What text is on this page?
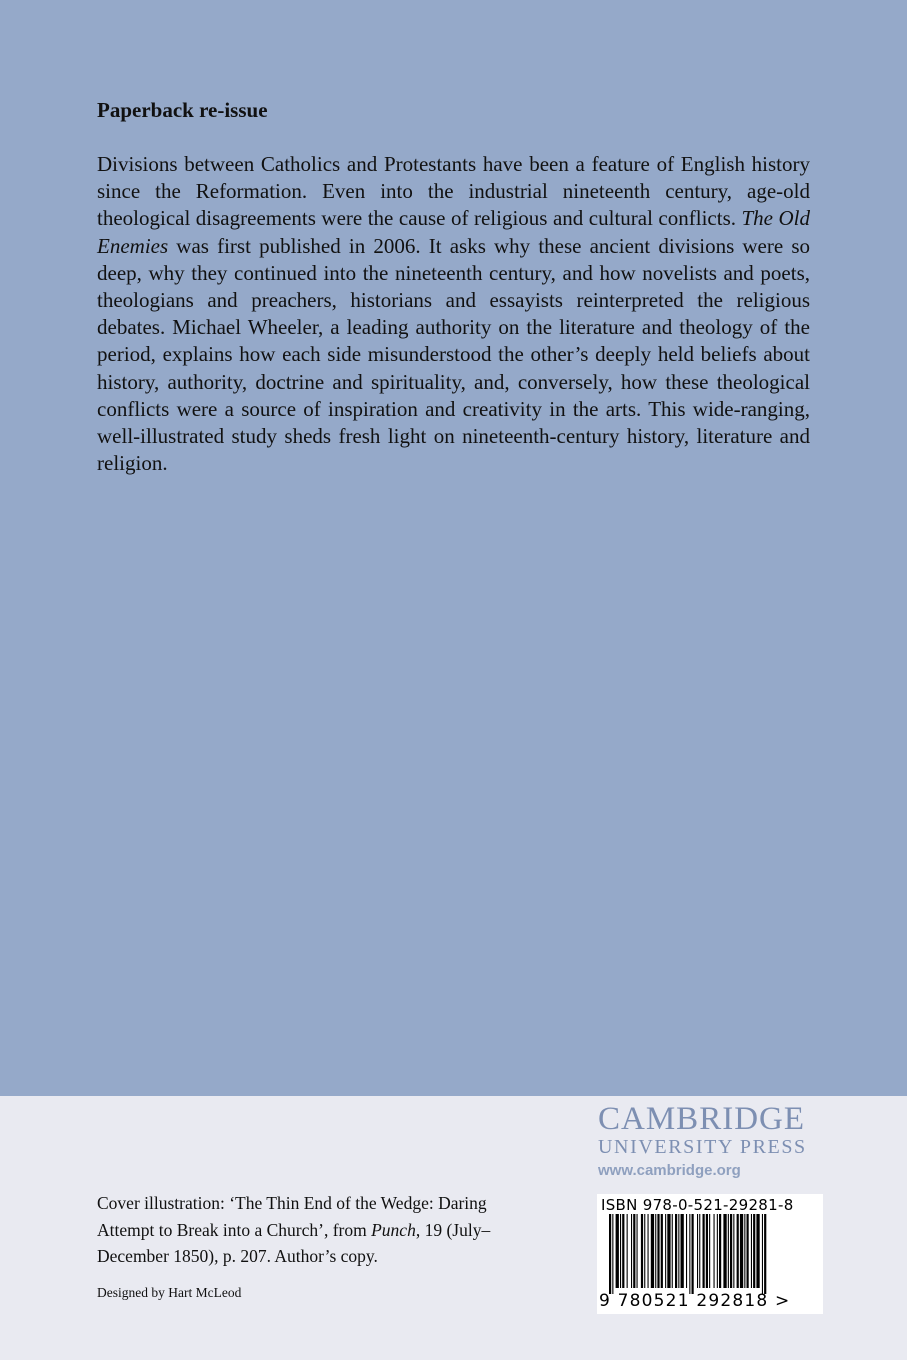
Paperback re-issue
Divisions between Catholics and Protestants have been a feature of English history since the Reformation. Even into the industrial nineteenth century, age-old theological disagreements were the cause of religious and cultural conflicts. The Old Enemies was first published in 2006. It asks why these ancient divisions were so deep, why they continued into the nineteenth century, and how novelists and poets, theologians and preachers, historians and essayists reinterpreted the religious debates. Michael Wheeler, a leading authority on the literature and theology of the period, explains how each side misunderstood the other’s deeply held beliefs about history, authority, doctrine and spirituality, and, conversely, how these theological conflicts were a source of inspiration and creativity in the arts. This wide-ranging, well-illustrated study sheds fresh light on nineteenth-century history, literature and religion.
CAMBRIDGE
UNIVERSITY PRESS
www.cambridge.org
Cover illustration: ‘The Thin End of the Wedge: Daring Attempt to Break into a Church’, from Punch, 19 (July–December 1850), p. 207. Author’s copy.
Designed by Hart McLeod
ISBN 978-0-521-29281-8
9 780521 292818 >
